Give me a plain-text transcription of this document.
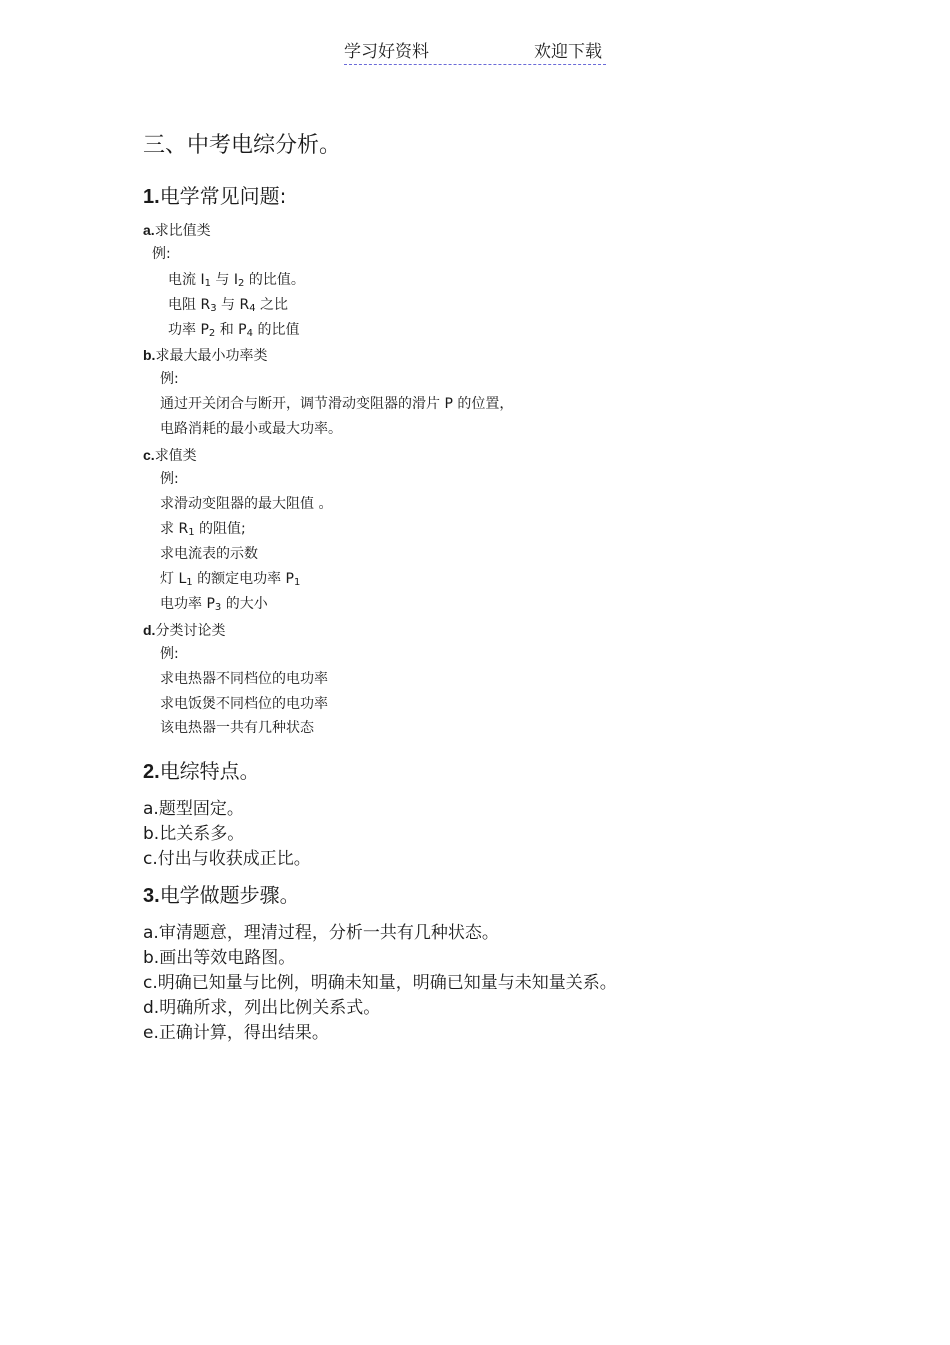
学习好资料	欢迎下载
三、中考电综分析。
1.电学常见问题:
a.求比值类
例:
电流 $I_1$ 与 $I_2$ 的比值。
电阻 $R_3$ 与 $R_4$ 之比
功率 $P_2$ 和 $P_4$ 的比值
b.求最大最小功率类
例:
通过开关闭合与断开，调节滑动变阻器的滑片 P 的位置，
电路消耗的最小或最大功率。
c.求值类
例:
求滑动变阻器的最大阻值 。
求 $R_1$ 的阻值;
求电流表的示数
灯 $L_1$ 的额定电功率 $P_1$
电功率 $P_3$ 的大小
d.分类讨论类
例:
求电热器不同档位的电功率
求电饭煲不同档位的电功率
该电热器一共有几种状态
2.电综特点。
a.题型固定。
b.比关系多。
c.付出与收获成正比。
3.电学做题步骤。
a.审清题意，理清过程，分析一共有几种状态。
b.画出等效电路图。
c.明确已知量与比例，明确未知量，明确已知量与未知量关系。
d.明确所求，列出比例关系式。
e.正确计算，得出结果。
